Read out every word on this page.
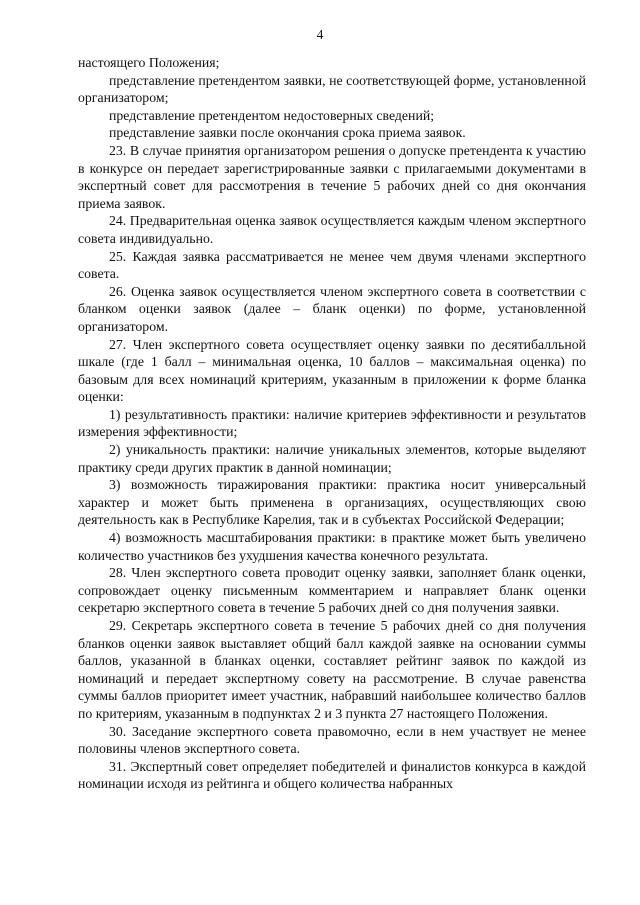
4

настоящего Положения;

представление претендентом заявки, не соответствующей форме, установленной организатором;

представление претендентом недостоверных сведений;

представление заявки после окончания срока приема заявок.

23. В случае принятия организатором решения о допуске претендента к участию в конкурсе он передает зарегистрированные заявки с прилагаемыми документами в экспертный совет для рассмотрения в течение 5 рабочих дней со дня окончания приема заявок.

24. Предварительная оценка заявок осуществляется каждым членом экспертного совета индивидуально.

25. Каждая заявка рассматривается не менее чем двумя членами экспертного совета.

26. Оценка заявок осуществляется членом экспертного совета в соответствии с бланком оценки заявок (далее – бланк оценки) по форме, установленной организатором.

27. Член экспертного совета осуществляет оценку заявки по десятибалльной шкале (где 1 балл – минимальная оценка, 10 баллов – максимальная оценка) по базовым для всех номинаций критериям, указанным в приложении к форме бланка оценки:

1) результативность практики: наличие критериев эффективности и результатов измерения эффективности;

2) уникальность практики: наличие уникальных элементов, которые выделяют практику среди других практик в данной номинации;

3) возможность тиражирования практики: практика носит универсальный характер и может быть применена в организациях, осуществляющих свою деятельность как в Республике Карелия, так и в субъектах Российской Федерации;

4) возможность масштабирования практики: в практике может быть увеличено количество участников без ухудшения качества конечного результата.

28. Член экспертного совета проводит оценку заявки, заполняет бланк оценки, сопровождает оценку письменным комментарием и направляет бланк оценки секретарю экспертного совета в течение 5 рабочих дней со дня получения заявки.

29. Секретарь экспертного совета в течение 5 рабочих дней со дня получения бланков оценки заявок выставляет общий балл каждой заявке на основании суммы баллов, указанной в бланках оценки, составляет рейтинг заявок по каждой из номинаций и передает экспертному совету на рассмотрение. В случае равенства суммы баллов приоритет имеет участник, набравший наибольшее количество баллов по критериям, указанным в подпунктах 2 и 3 пункта 27 настоящего Положения.

30. Заседание экспертного совета правомочно, если в нем участвует не менее половины членов экспертного совета.

31. Экспертный совет определяет победителей и финалистов конкурса в каждой номинации исходя из рейтинга и общего количества набранных
